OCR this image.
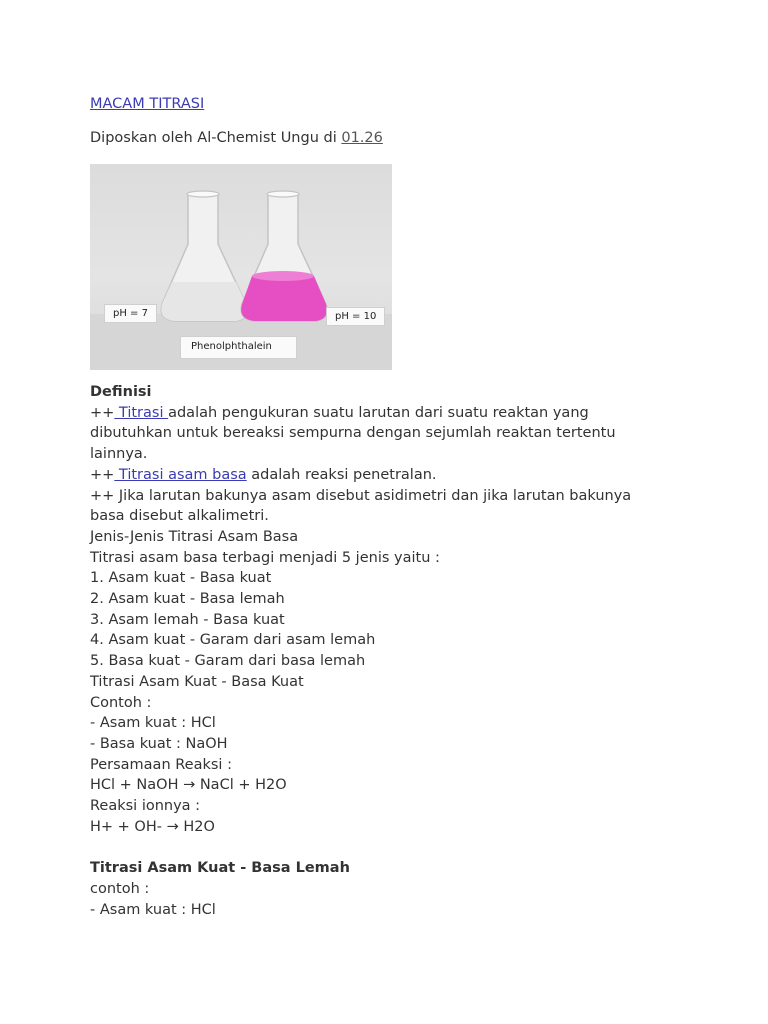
MACAM TITRASI
Diposkan oleh Al-Chemist Ungu di 01.26
pH = 7	pH = 10
Phenolphthalein
Definisi
++ Titrasi adalah pengukuran suatu larutan dari suatu reaktan yang
dibutuhkan untuk bereaksi sempurna dengan sejumlah reaktan tertentu
lainnya.
++ Titrasi asam basa adalah reaksi penetralan.
++ Jika larutan bakunya asam disebut asidimetri dan jika larutan bakunya
basa disebut alkalimetri.
Jenis-Jenis Titrasi Asam Basa
Titrasi asam basa terbagi menjadi 5 jenis yaitu :
1. Asam kuat - Basa kuat
2. Asam kuat - Basa lemah
3. Asam lemah - Basa kuat
4. Asam kuat - Garam dari asam lemah
5. Basa kuat - Garam dari basa lemah
Titrasi Asam Kuat - Basa Kuat
Contoh :
- Asam kuat : HCl
- Basa kuat : NaOH
Persamaan Reaksi :
HCl + NaOH → NaCl + H2O
Reaksi ionnya :
H+ + OH- → H2O
Titrasi Asam Kuat - Basa Lemah
contoh :
- Asam kuat : HCl
